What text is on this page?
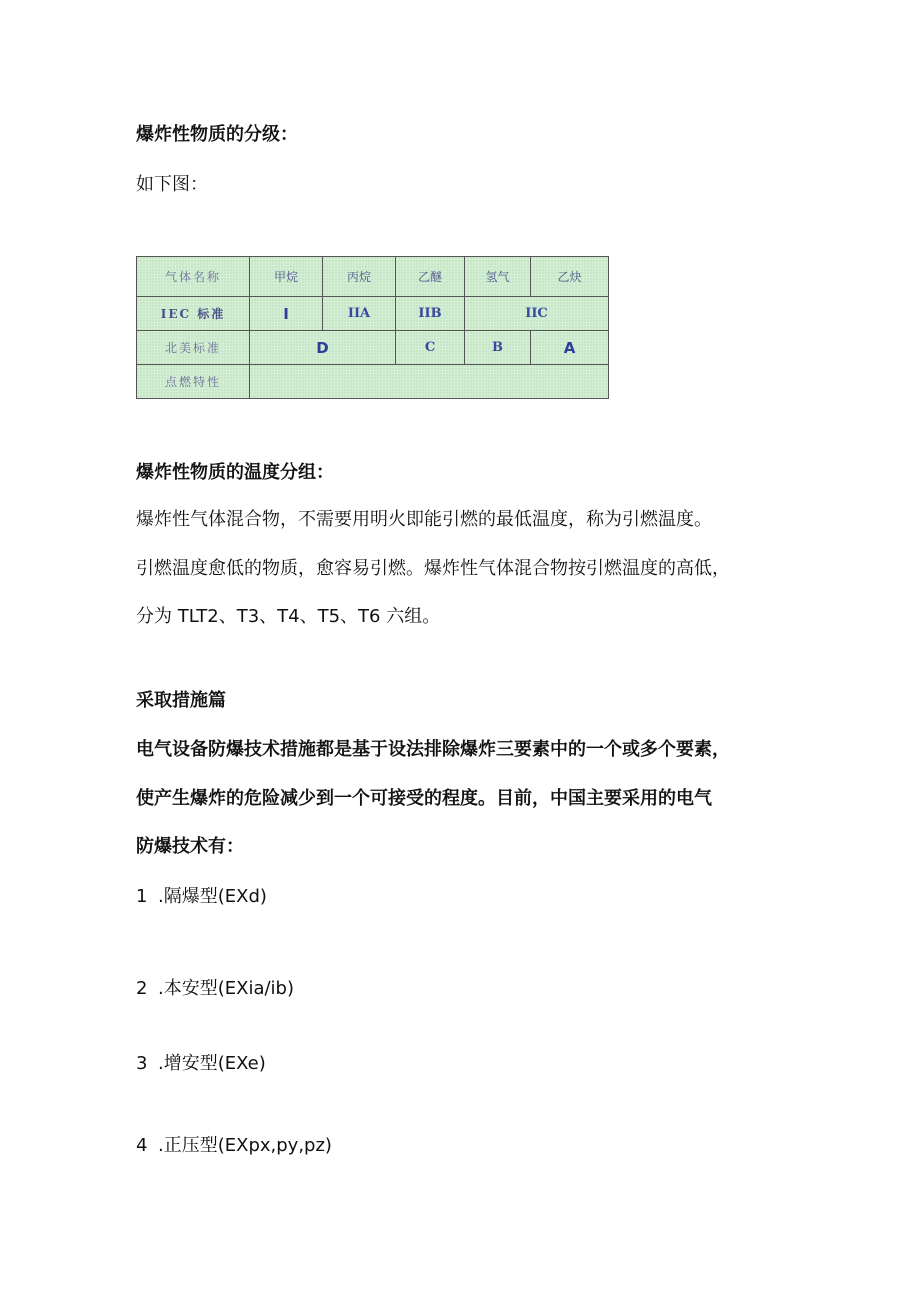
爆炸性物质的分级：
如下图：
气体名称	甲烷	丙烷	乙醚	氢气	乙炔
IEC 标准	I	IIA	IIB	IIC	
北美标准	D		C	B	A
点燃特性					
爆炸性物质的温度分组：
爆炸性气体混合物，不需要用明火即能引燃的最低温度，称为引燃温度。
引燃温度愈低的物质，愈容易引燃。爆炸性气体混合物按引燃温度的高低，
分为 TLT2、T3、T4、T5、T6 六组。
采取措施篇
电气设备防爆技术措施都是基于设法排除爆炸三要素中的一个或多个要素，
使产生爆炸的危险减少到一个可接受的程度。目前，中国主要采用的电气
防爆技术有：
1 .隔爆型(EXd)
2 .本安型(EXia∕ib)
3 .增安型(EXe)
4 .正压型(EXpx,py,pz)
